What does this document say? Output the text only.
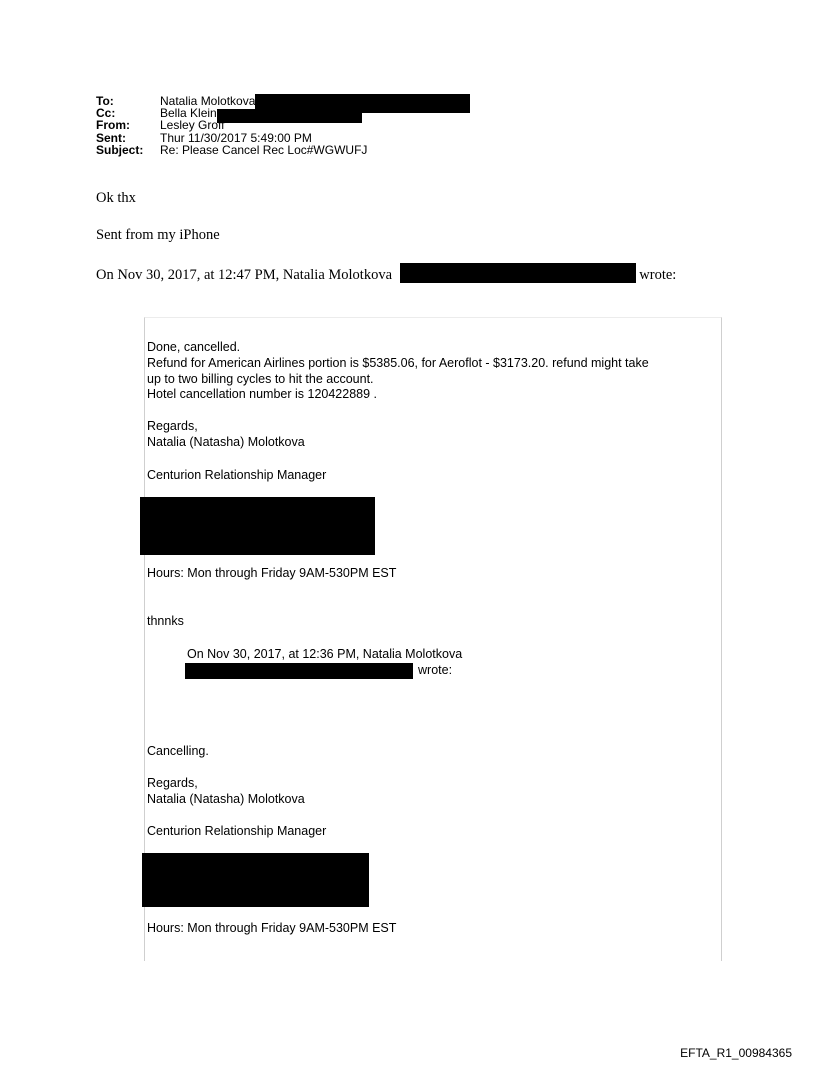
To:	Natalia Molotkova
Cc:	Bella Klein
From:	Lesley Groff
Sent:	Thur 11/30/2017 5:49:00 PM
Subject:	Re: Please Cancel Rec Loc#WGWUFJ
Ok thx
Sent from my iPhone
On Nov 30, 2017, at 12:47 PM, Natalia Molotkova	wrote:
Done, cancelled.
Refund for American Airlines portion is $5385.06, for Aeroflot - $3173.20. refund might take
up to two billing cycles to hit the account.
Hotel cancellation number is 120422889 .
Regards,
Natalia (Natasha) Molotkova
Centurion Relationship Manager
Hours: Mon through Friday 9AM-530PM EST
thnnks
On Nov 30, 2017, at 12:36 PM, Natalia Molotkova
wrote:
Cancelling.
Regards,
Natalia (Natasha) Molotkova
Centurion Relationship Manager
Hours: Mon through Friday 9AM-530PM EST
EFTA_R1_00984365
